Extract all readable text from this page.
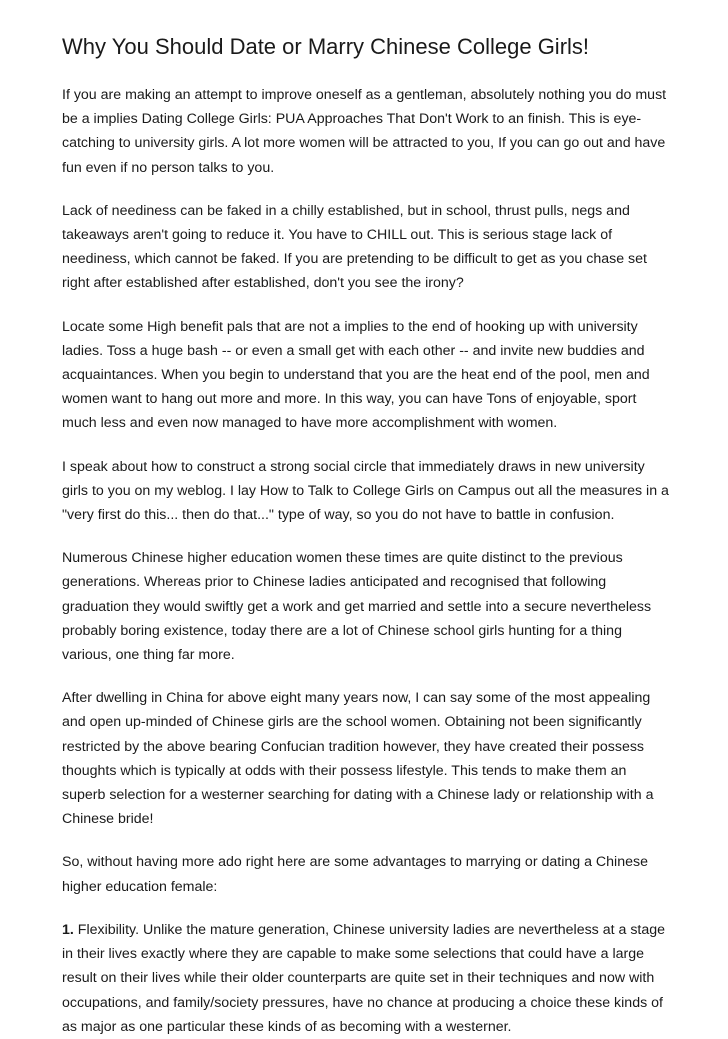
Why You Should Date or Marry Chinese College Girls!

If you are making an attempt to improve oneself as a gentleman, absolutely nothing you do must be a implies Dating College Girls: PUA Approaches That Don't Work to an finish. This is eye-catching to university girls. A lot more women will be attracted to you, If you can go out and have fun even if no person talks to you.

Lack of neediness can be faked in a chilly established, but in school, thrust pulls, negs and takeaways aren't going to reduce it. You have to CHILL out. This is serious stage lack of neediness, which cannot be faked. If you are pretending to be difficult to get as you chase set right after established after established, don't you see the irony?

Locate some High benefit pals that are not a implies to the end of hooking up with university ladies. Toss a huge bash -- or even a small get with each other -- and invite new buddies and acquaintances. When you begin to understand that you are the heat end of the pool, men and women want to hang out more and more. In this way, you can have Tons of enjoyable, sport much less and even now managed to have more accomplishment with women.

I speak about how to construct a strong social circle that immediately draws in new university girls to you on my weblog. I lay How to Talk to College Girls on Campus out all the measures in a "very first do this... then do that..." type of way, so you do not have to battle in confusion.

Numerous Chinese higher education women these times are quite distinct to the previous generations. Whereas prior to Chinese ladies anticipated and recognised that following graduation they would swiftly get a work and get married and settle into a secure nevertheless probably boring existence, today there are a lot of Chinese school girls hunting for a thing various, one thing far more.

After dwelling in China for above eight many years now, I can say some of the most appealing and open up-minded of Chinese girls are the school women. Obtaining not been significantly restricted by the above bearing Confucian tradition however, they have created their possess thoughts which is typically at odds with their possess lifestyle. This tends to make them an superb selection for a westerner searching for dating with a Chinese lady or relationship with a Chinese bride!

So, without having more ado right here are some advantages to marrying or dating a Chinese higher education female:

1. Flexibility. Unlike the mature generation, Chinese university ladies are nevertheless at a stage in their lives exactly where they are capable to make some selections that could have a large result on their lives while their older counterparts are quite set in their techniques and now with occupations, and family/society pressures, have no chance at producing a choice these kinds of as major as one particular these kinds of as becoming with a westerner.
